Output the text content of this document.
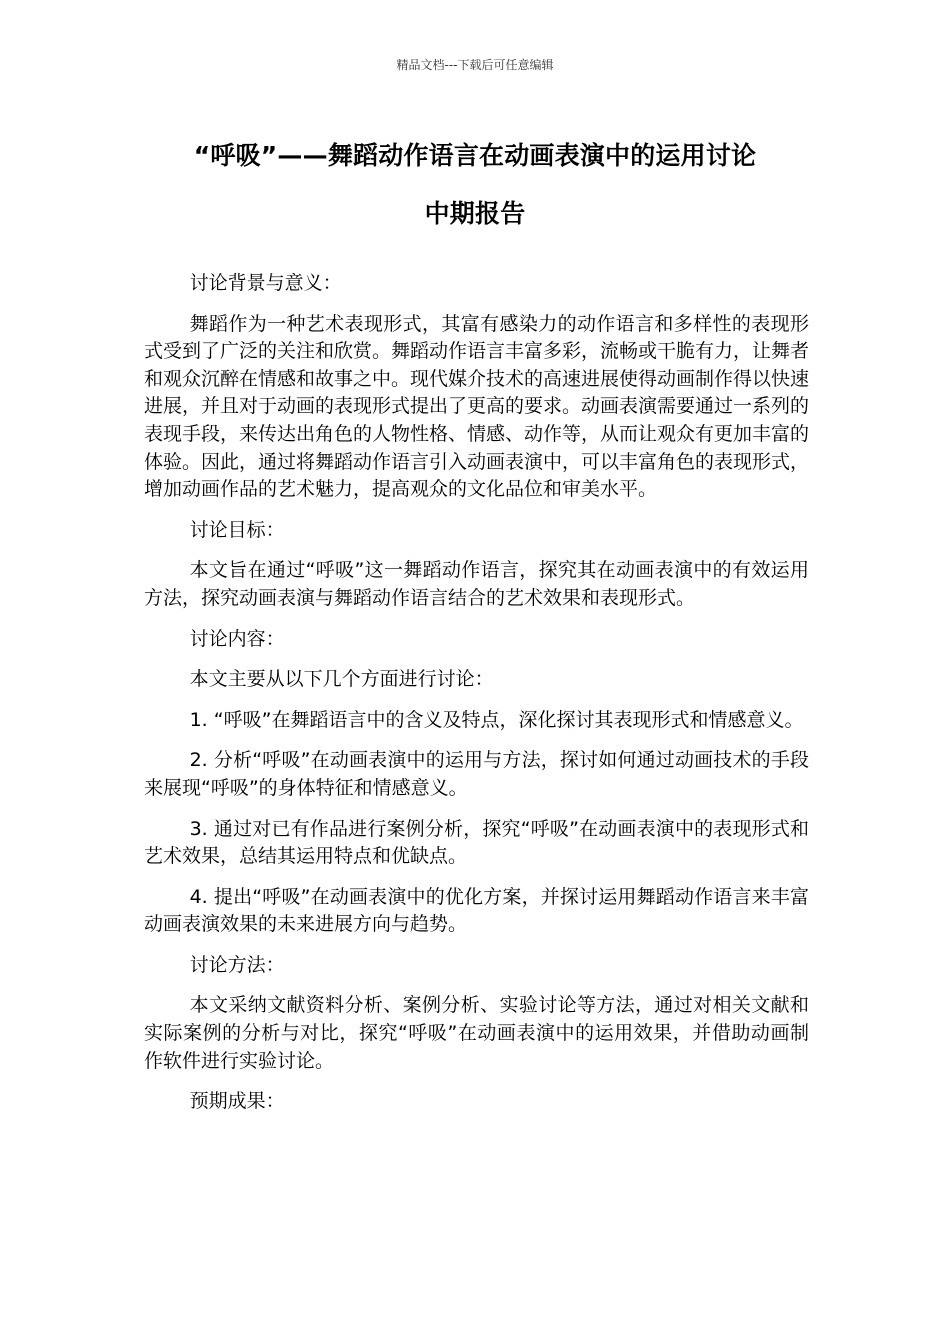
精品文档---下载后可任意编辑
“呼吸”——舞蹈动作语言在动画表演中的运用讨论
中期报告

讨论背景与意义：

舞蹈作为一种艺术表现形式，其富有感染力的动作语言和多样性的表现形式受到了广泛的关注和欣赏。舞蹈动作语言丰富多彩，流畅或干脆有力，让舞者和观众沉醉在情感和故事之中。现代媒介技术的高速进展使得动画制作得以快速进展，并且对于动画的表现形式提出了更高的要求。动画表演需要通过一系列的表现手段，来传达出角色的人物性格、情感、动作等，从而让观众有更加丰富的体验。因此，通过将舞蹈动作语言引入动画表演中，可以丰富角色的表现形式，增加动画作品的艺术魅力，提高观众的文化品位和审美水平。

讨论目标：

本文旨在通过“呼吸”这一舞蹈动作语言，探究其在动画表演中的有效运用方法，探究动画表演与舞蹈动作语言结合的艺术效果和表现形式。

讨论内容：

本文主要从以下几个方面进行讨论：

1. “呼吸”在舞蹈语言中的含义及特点，深化探讨其表现形式和情感意义。

2. 分析“呼吸”在动画表演中的运用与方法，探讨如何通过动画技术的手段来展现“呼吸”的身体特征和情感意义。

3. 通过对已有作品进行案例分析，探究“呼吸”在动画表演中的表现形式和艺术效果，总结其运用特点和优缺点。

4. 提出“呼吸”在动画表演中的优化方案，并探讨运用舞蹈动作语言来丰富动画表演效果的未来进展方向与趋势。

讨论方法：

本文采纳文献资料分析、案例分析、实验讨论等方法，通过对相关文献和实际案例的分析与对比，探究“呼吸”在动画表演中的运用效果，并借助动画制作软件进行实验讨论。

预期成果：
